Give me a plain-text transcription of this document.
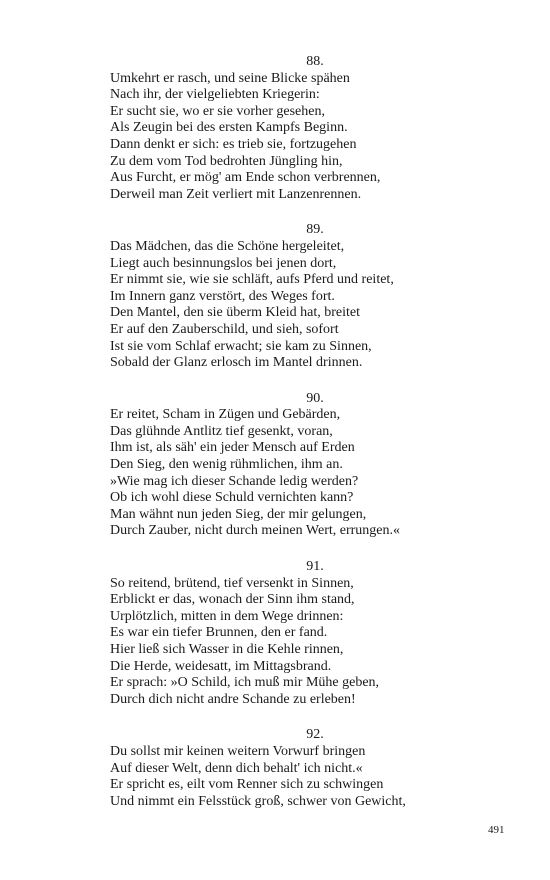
88.
Umkehrt er rasch, und seine Blicke spähen
Nach ihr, der vielgeliebten Kriegerin:
Er sucht sie, wo er sie vorher gesehen,
Als Zeugin bei des ersten Kampfs Beginn.
Dann denkt er sich: es trieb sie, fortzugehen
Zu dem vom Tod bedrohten Jüngling hin,
Aus Furcht, er mög' am Ende schon verbrennen,
Derweil man Zeit verliert mit Lanzenrennen.
89.
Das Mädchen, das die Schöne hergeleitet,
Liegt auch besinnungslos bei jenen dort,
Er nimmt sie, wie sie schläft, aufs Pferd und reitet,
Im Innern ganz verstört, des Weges fort.
Den Mantel, den sie überm Kleid hat, breitet
Er auf den Zauberschild, und sieh, sofort
Ist sie vom Schlaf erwacht; sie kam zu Sinnen,
Sobald der Glanz erlosch im Mantel drinnen.
90.
Er reitet, Scham in Zügen und Gebärden,
Das glühnde Antlitz tief gesenkt, voran,
Ihm ist, als säh' ein jeder Mensch auf Erden
Den Sieg, den wenig rühmlichen, ihm an.
»Wie mag ich dieser Schande ledig werden?
Ob ich wohl diese Schuld vernichten kann?
Man wähnt nun jeden Sieg, der mir gelungen,
Durch Zauber, nicht durch meinen Wert, errungen.«
91.
So reitend, brütend, tief versenkt in Sinnen,
Erblickt er das, wonach der Sinn ihm stand,
Urplötzlich, mitten in dem Wege drinnen:
Es war ein tiefer Brunnen, den er fand.
Hier ließ sich Wasser in die Kehle rinnen,
Die Herde, weidesatt, im Mittagsbrand.
Er sprach: »O Schild, ich muß mir Mühe geben,
Durch dich nicht andre Schande zu erleben!
92.
Du sollst mir keinen weitern Vorwurf bringen
Auf dieser Welt, denn dich behalt' ich nicht.«
Er spricht es, eilt vom Renner sich zu schwingen
Und nimmt ein Felsstück groß, schwer von Gewicht,
491
